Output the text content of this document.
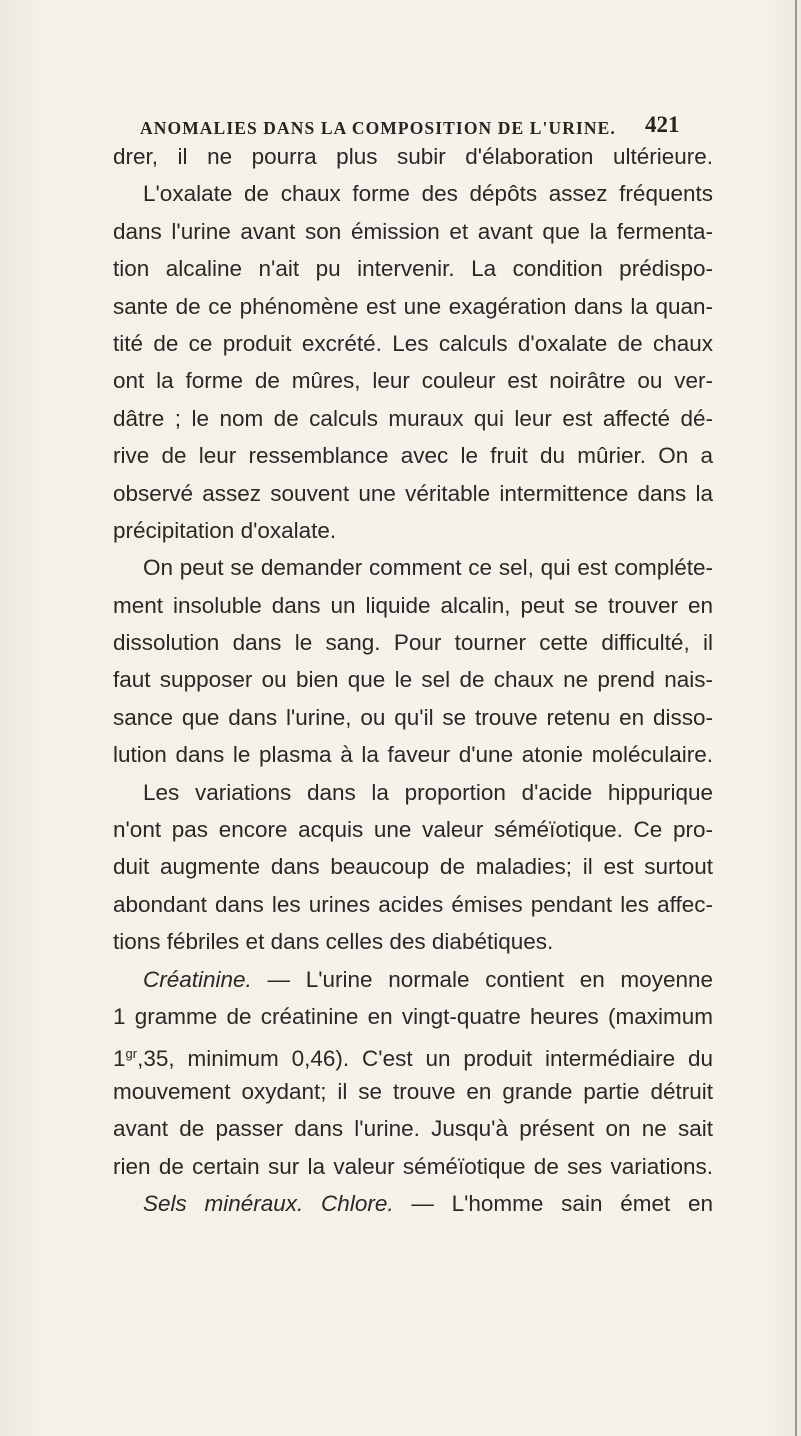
ANOMALIES DANS LA COMPOSITION DE L'URINE. 421
drer, il ne pourra plus subir d'élaboration ultérieure.
L'oxalate de chaux forme des dépôts assez fréquents
dans l'urine avant son émission et avant que la fermenta-
tion alcaline n'ait pu intervenir. La condition prédispo-
sante de ce phénomène est une exagération dans la quan-
tité de ce produit excrété. Les calculs d'oxalate de chaux
ont la forme de mûres, leur couleur est noirâtre ou ver-
dâtre ; le nom de calculs muraux qui leur est affecté dé-
rive de leur ressemblance avec le fruit du mûrier. On a
observé assez souvent une véritable intermittence dans la
précipitation d'oxalate.
On peut se demander comment ce sel, qui est compléte-
ment insoluble dans un liquide alcalin, peut se trouver en
dissolution dans le sang. Pour tourner cette difficulté, il
faut supposer ou bien que le sel de chaux ne prend nais-
sance que dans l'urine, ou qu'il se trouve retenu en disso-
lution dans le plasma à la faveur d'une atonie moléculaire.
Les variations dans la proportion d'acide hippurique
n'ont pas encore acquis une valeur séméïotique. Ce pro-
duit augmente dans beaucoup de maladies; il est surtout
abondant dans les urines acides émises pendant les affec-
tions fébriles et dans celles des diabétiques.
Créatinine. — L'urine normale contient en moyenne
1 gramme de créatinine en vingt-quatre heures (maximum
$1^{gr},35$, minimum 0,46). C'est un produit intermédiaire du
mouvement oxydant; il se trouve en grande partie détruit
avant de passer dans l'urine. Jusqu'à présent on ne sait
rien de certain sur la valeur séméïotique de ses variations.
Sels minéraux. Chlore. — L'homme sain émet en
